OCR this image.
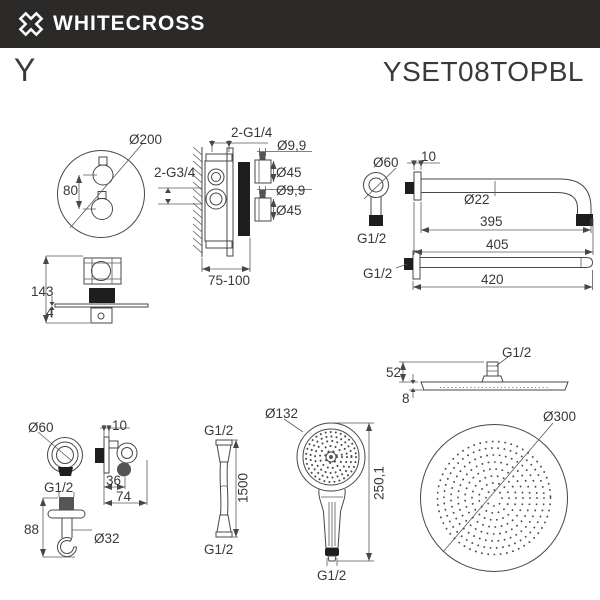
WHITECROSS
Y	YSET08TOPBL
Ø200
80
2-G1/4
2-G3/4
Ø9,9
Ø45
Ø9,9
Ø45
75-100
143
4
Ø60 10
Ø22
395
405
G1/2
G1/2	420
G1/2
52
8
Ø300
Ø60	10
G1/2 36
74
88
Ø32
G1/2
1500
G1/2
Ø132
250,1
G1/2
